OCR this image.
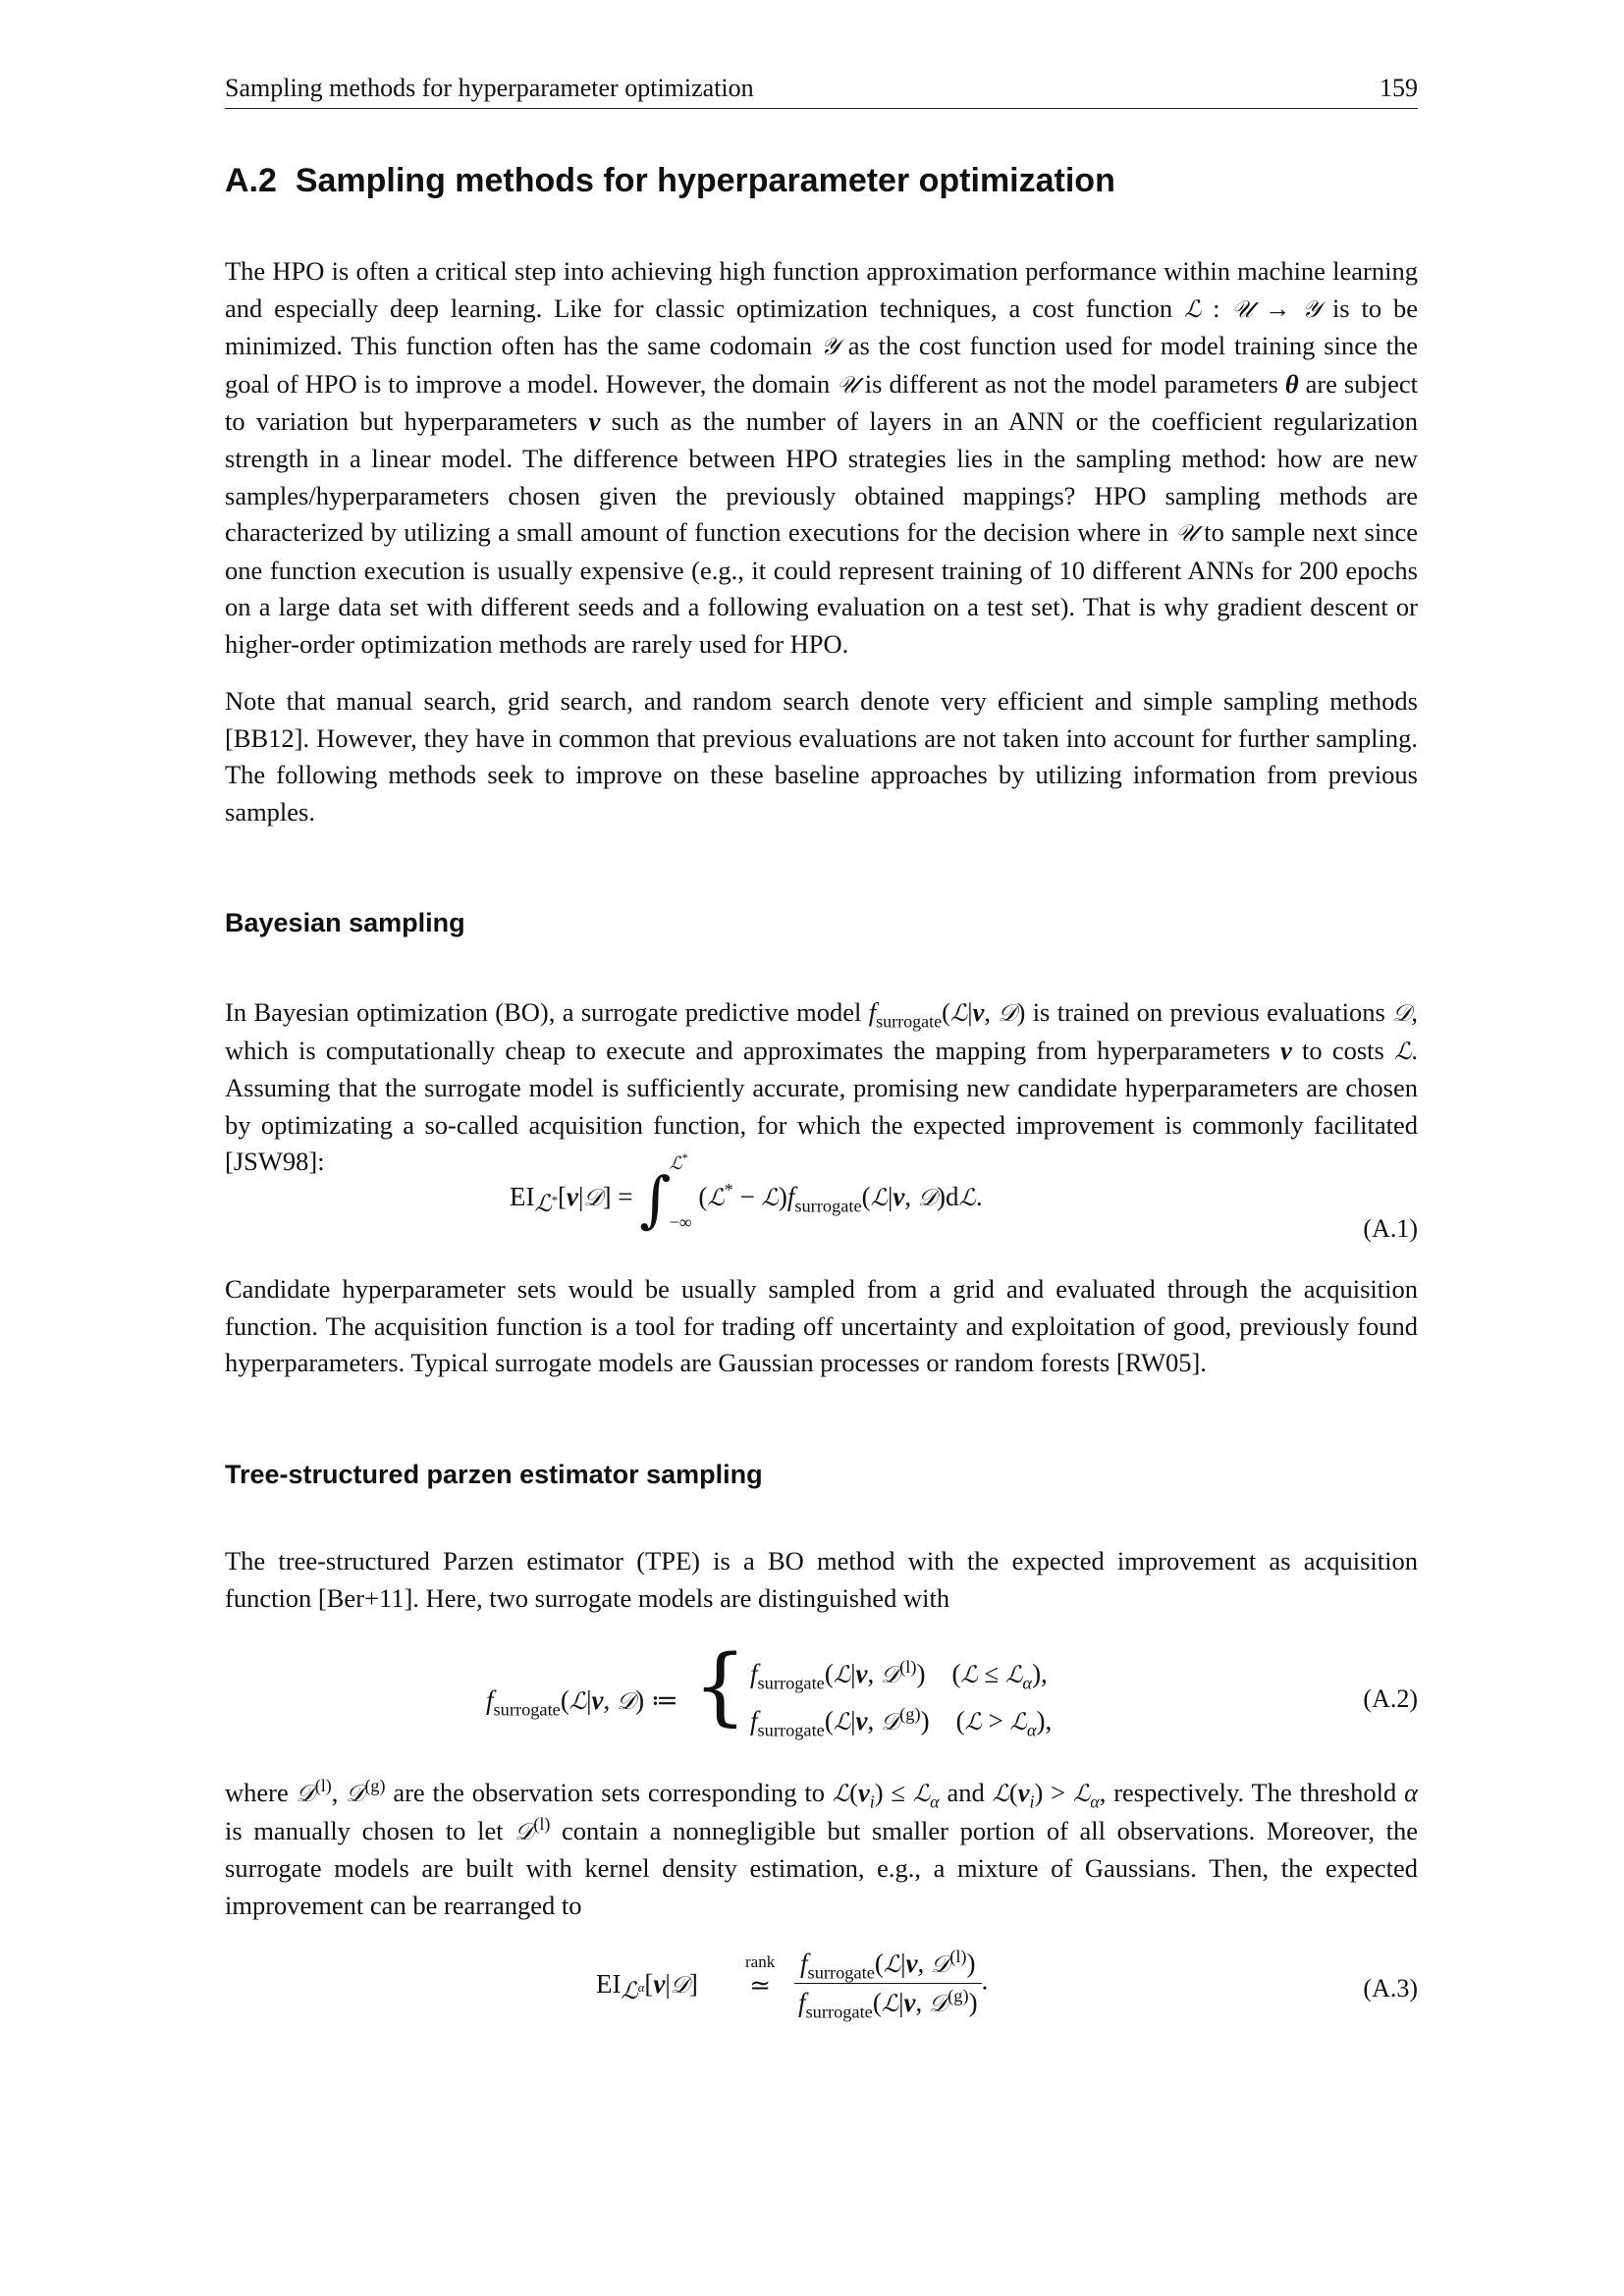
Sampling methods for hyperparameter optimization	159
A.2 Sampling methods for hyperparameter optimization

The HPO is often a critical step into achieving high function approximation performance within machine learning and especially deep learning. Like for classic optimization techniques, a cost function ℒ : 𝒰 → 𝒴 is to be minimized. This function often has the same codomain 𝒴 as the cost function used for model training since the goal of HPO is to improve a model. However, the domain 𝒰 is different as not the model parameters θ are subject to variation but hyperparameters ν such as the number of layers in an ANN or the coefficient regularization strength in a linear model. The difference between HPO strategies lies in the sampling method: how are new samples/hyperparameters chosen given the previously obtained mappings? HPO sampling methods are characterized by utilizing a small amount of function executions for the decision where in 𝒰 to sample next since one function execution is usually expensive (e.g., it could represent training of 10 different ANNs for 200 epochs on a large data set with different seeds and a following evaluation on a test set). That is why gradient descent or higher-order optimization methods are rarely used for HPO.

Note that manual search, grid search, and random search denote very efficient and simple sampling methods [BB12]. However, they have in common that previous evaluations are not taken into account for further sampling. The following methods seek to improve on these baseline approaches by utilizing information from previous samples.

Bayesian sampling

In Bayesian optimization (BO), a surrogate predictive model $f_{surrogate}(ℒ|\nu$, 𝒟) is trained on previous evaluations 𝒟, which is computationally cheap to execute and approximates the mapping from hyperparameters ν to costs ℒ. Assuming that the surrogate model is sufficiently accurate, promising new candidate hyperparameters are chosen by optimizating a so-called acquisition function, for which the expected improvement is commonly facilitated [JSW98]:

$EI_{ℒ^*}[\nu|𝒟]$ = ∫
ℒ*
−∞
(ℒ* − $ℒ)f_{surrogate}(ℒ|\nu$, 𝒟)dℒ.
(A.1)

Candidate hyperparameter sets would be usually sampled from a grid and evaluated through the acquisition function. The acquisition function is a tool for trading off uncertainty and exploitation of good, previously found hyperparameters. Typical surrogate models are Gaussian processes or random forests [RW05].

Tree-structured parzen estimator sampling

The tree-structured Parzen estimator (TPE) is a BO method with the expected improvement as acquisition function [Ber+11]. Here, two surrogate models are distinguished with

$f_{surrogate}(ℒ|\nu$, 𝒟) ≔ { $f_{surrogate}(ℒ|\nu$, 𝒟$^{(l)}$)    (ℒ ≤ ℒ$_\alpha$),
$f_{surrogate}(ℒ|\nu$, 𝒟$^{(g)}$)    (ℒ > ℒ$_\alpha$),
(A.2)

where 𝒟$^{(l)}$, 𝒟$^{(g)}$ are the observation sets corresponding to $ℒ(\nu_i)$ ≤ ℒ$_\alpha$ and $ℒ(\nu_i)$ > ℒ$_\alpha$, respectively. The threshold α is manually chosen to let 𝒟$^{(l)}$ contain a nonnegligible but smaller portion of all observations. Moreover, the surrogate models are built with kernel density estimation, e.g., a mixture of Gaussians. Then, the expected improvement can be rearranged to

$EI_{ℒ^\alpha}[\nu|𝒟]$
rank
≃ $\frac{f_{surrogate}(ℒ|\nu, 𝒟^{(l)})}{f_{surrogate}(ℒ|\nu, 𝒟^{(g)})}$ .	(A.3)
